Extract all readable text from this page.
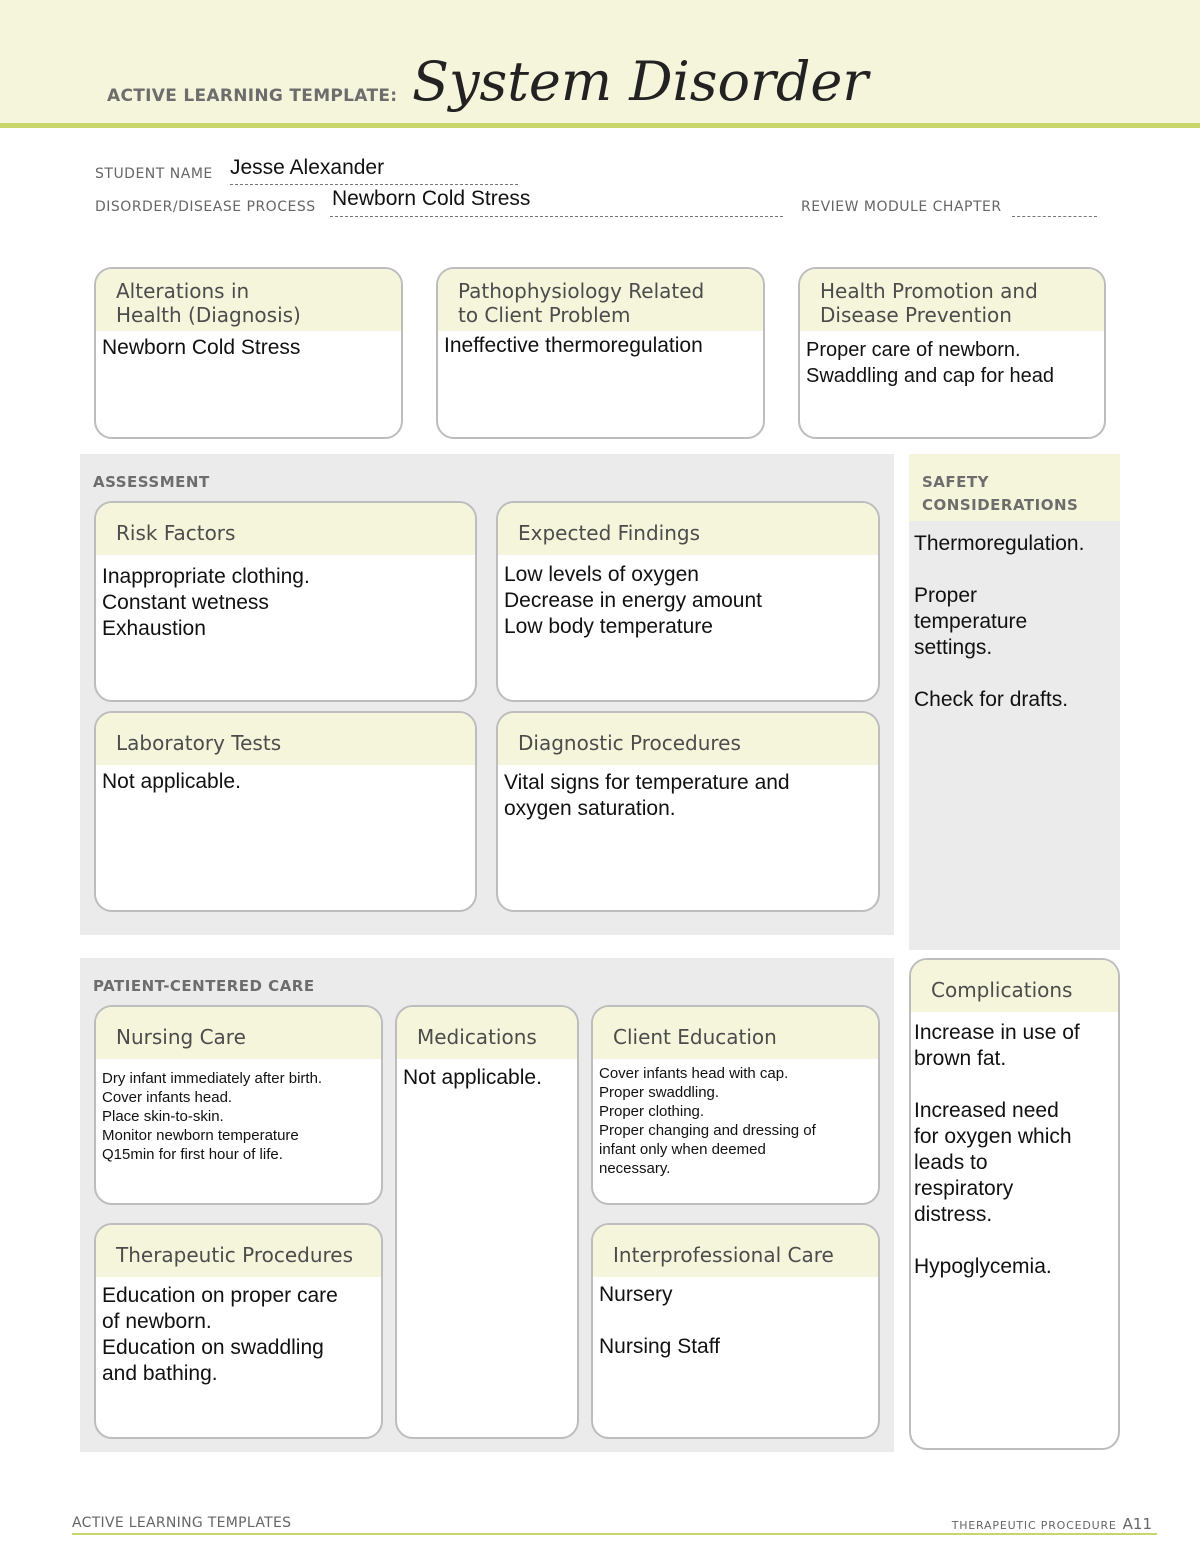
ACTIVE LEARNING TEMPLATE: System Disorder
STUDENT NAME Jesse Alexander
DISORDER/DISEASE PROCESS Newborn Cold Stress	REVIEW MODULE CHAPTER
Alterations in
Health (Diagnosis)
Newborn Cold Stress
Pathophysiology Related
to Client Problem
Ineffective thermoregulation
Health Promotion and
Disease Prevention
Proper care of newborn.
Swaddling and cap for head
ASSESSMENT
Risk Factors
Inappropriate clothing.
Constant wetness
Exhaustion
Expected Findings
Low levels of oxygen
Decrease in energy amount
Low body temperature
Laboratory Tests
Not applicable.
Diagnostic Procedures
Vital signs for temperature and
oxygen saturation.
SAFETY
CONSIDERATIONS
Thermoregulation.

Proper
temperature
settings.

Check for drafts.
PATIENT-CENTERED CARE
Nursing Care
Dry infant immediately after birth.
Cover infants head.
Place skin-to-skin.
Monitor newborn temperature
Q15min for first hour of life.
Medications
Not applicable.
Client Education
Cover infants head with cap.
Proper swaddling.
Proper clothing.
Proper changing and dressing of
infant only when deemed
necessary.
Therapeutic Procedures
Education on proper care
of newborn.
Education on swaddling
and bathing.
Interprofessional Care
Nursery

Nursing Staff
Complications
Increase in use of
brown fat.

Increased need
for oxygen which
leads to
respiratory
distress.

Hypoglycemia.
ACTIVE LEARNING TEMPLATES	THERAPEUTIC PROCEDURE A11
